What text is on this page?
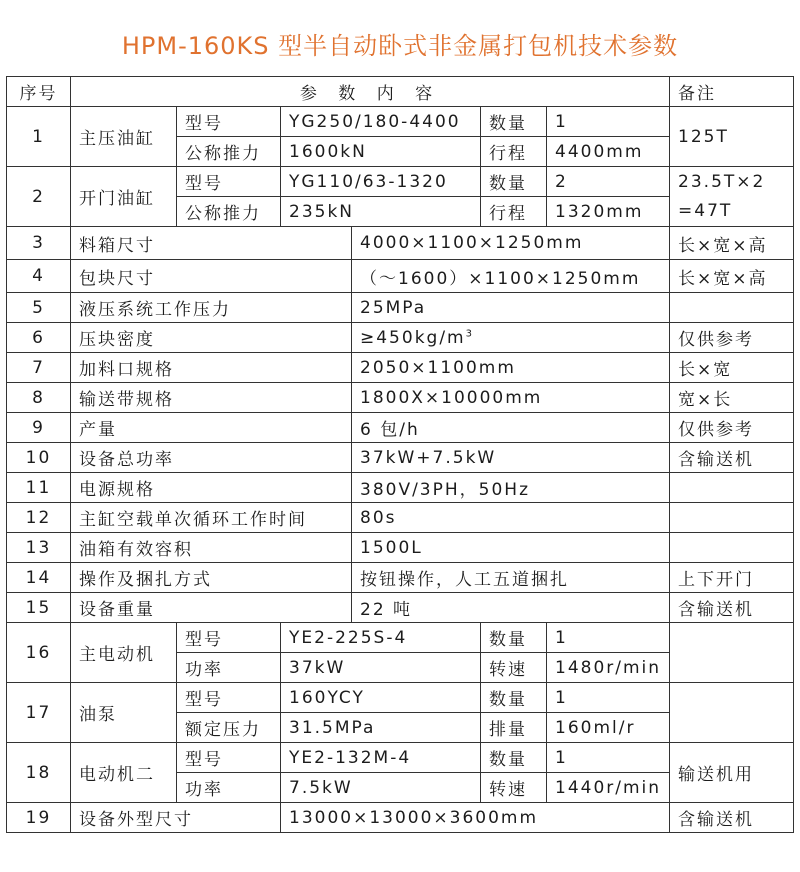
HPM-160KS 型半自动卧式非金属打包机技术参数
序号	参 数 内 容						备注
1	主压油缸	型号	YG250/180-4400		数量	1	125T
		公称推力	1600kN		行程	4400mm	
2	开门油缸	型号	YG110/63-1320		数量	2	23.5T×2
=47T

		公称推力	235kN		行程	1320mm	
3	料箱尺寸			4000×1100×1250mm			长×宽×高
4	包块尺寸			（～1600）×1100×1250mm			长×宽×高
5	液压系统工作压力			25MPa			
6	压块密度			$\ge 450kg/m^3$			仅供参考
7	加料口规格			2050×1100mm			长×宽
8	输送带规格			1800X×10000mm			宽×长
9	产量			6 包/h			仅供参考
10	设备总功率			37kW+7.5kW			含输送机
11	电源规格			380V/3PH，50Hz			
12	主缸空载单次循环工作时间			80s			
13	油箱有效容积			1500L			
14	操作及捆扎方式			按钮操作，人工五道捆扎			上下开门
15	设备重量			22 吨			含输送机
16	主电动机	型号	YE2-225S-4		数量	1	
		功率	37kW		转速	1480r/min	
17	油泵	型号	160YCY		数量	1	
		额定压力	31.5MPa		排量	160ml/r	
18	电动机二	型号	YE2-132M-4		数量	1	输送机用
		功率	7.5kW		转速	1440r/min	
19	设备外型尺寸		13000×13000×3600mm				含输送机
